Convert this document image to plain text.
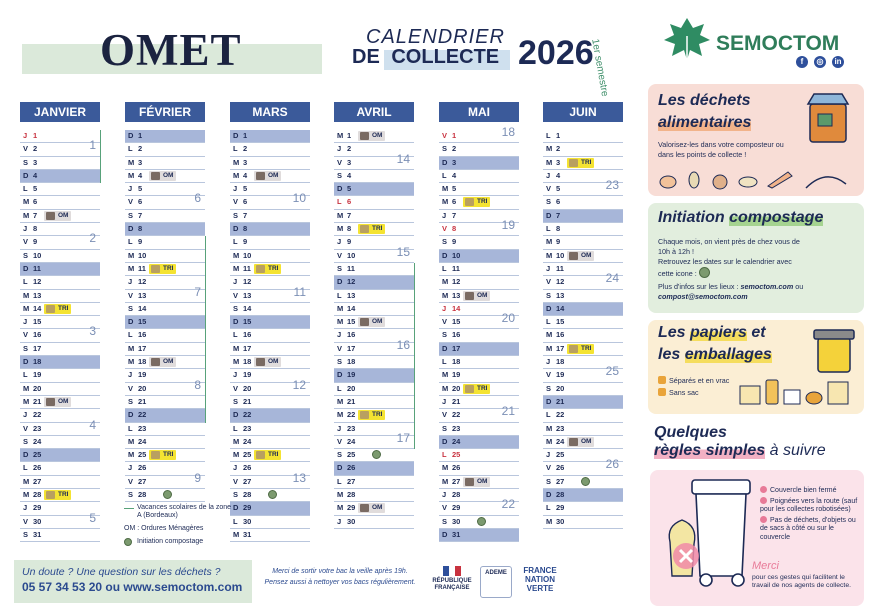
OMET	CALENDRIER
DE COLLECTE 2026
1er semestre	SEMOCTOM
f	◎	in
JANVIER
J 1
V 2	1
S 3
D 4
L 5
M 6
M 7	OM
J 8
V 9	2
S 10
D 11
L 12
M 13
M 14	TRI
J 15
V 16	3
S 17
D 18
L 19
M 20
M 21	OM
J 22
V 23	4
S 24
D 25
L 26
M 27
M 28	TRI
J 29
V 30	5
S 31
FÉVRIER
D 1
L 2
M 3
M 4	OM
J 5
V 6	6
S 7
D 8
L 9
M 10
M 11	TRI
J 12
V 13	7
S 14
D 15
L 16
M 17
M 18	OM
J 19
V 20	8
S 21
D 22
L 23
M 24
M 25	TRI
J 26
V 27	9
S 28
MARS
D 1
L 2
M 3
M 4	OM
J 5
V 6	10
S 7
D 8
L 9
M 10
M 11	TRI
J 12
V 13	11
S 14
D 15
L 16
M 17
M 18	OM
J 19
V 20	12
S 21
D 22
L 23
M 24
M 25	TRI
J 26
V 27	13
S 28
D 29
L 30
M 31
AVRIL
M 1	OM
J 2
V 3	14
S 4
D 5
L 6
M 7
M 8	TRI
J 9
V 10	15
S 11
D 12
L 13
M 14
M 15	OM
J 16
V 17	16
S 18
D 19
L 20
M 21
M 22	TRI
J 23
V 24	17
S 25
D 26
L 27
M 28
M 29	OM
J 30
MAI
V 1	18
S 2
D 3
L 4
M 5
M 6	TRI
J 7
V 8	19
S 9
D 10
L 11
M 12
M 13	OM
J 14
V 15	20
S 16
D 17
L 18
M 19
M 20	TRI
J 21
V 22	21
S 23
D 24
L 25
M 26
M 27	OM
J 28
V 29	22
S 30
D 31
JUIN
L 1
M 2
M 3	TRI
J 4
V 5	23
S 6
D 7
L 8
M 9
M 10	OM
J 11
V 12	24
S 13
D 14
L 15
M 16
M 17	TRI
J 18
V 19	25
S 20
D 21
L 22
M 23
M 24	OM
J 25
V 26	26
S 27
D 28
L 29
M 30
Vacances scolaires de la zone A (Bordeaux)
OM : Ordures Ménagères
Initiation compostage
Un doute ? Une question sur les déchets ?
05 57 34 53 20 ou www.semoctom.com
Merci de sortir votre bac la veille après 19h. Pensez aussi à nettoyer vos bacs régulièrement.	RÉPUBLIQUE FRANÇAISE
ADEME	FRANCE NATION VERTE
Les déchets
alimentaires
Valorisez-les dans votre composteur ou dans les points de collecte !
Initiation compostage
Chaque mois, on vient près de chez vous de 10h à 12h !
Retrouvez les dates sur le calendrier avec cette icone :
Plus d'infos sur les lieux : semoctom.com ou
compost@semoctom.com
Les papiers et
les emballages
Séparés et en vrac
Sans sac
Quelques
règles simples à suivre
Couvercle bien fermé
Poignées vers la route (sauf pour les collectes robotisées)
Pas de déchets, d'objets ou de sacs à côté ou sur le couvercle
Merci
pour ces gestes qui facilitent le travail de nos agents de collecte.
